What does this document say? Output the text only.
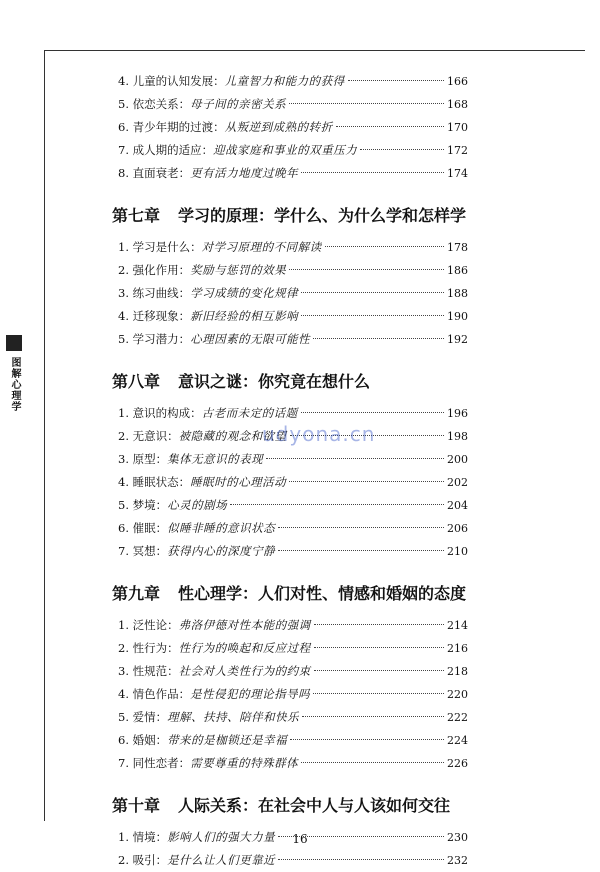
图解心理学
4. 儿童的认知发展： 儿童智力和能力的获得	166
5. 依恋关系： 母子间的亲密关系	168
6. 青少年期的过渡： 从叛逆到成熟的转折	170
7. 成人期的适应： 迎战家庭和事业的双重压力	172
8. 直面衰老： 更有活力地度过晚年	174
第七章 学习的原理：学什么、为什么学和怎样学
1. 学习是什么： 对学习原理的不同解读	178
2. 强化作用： 奖励与惩罚的效果	186
3. 练习曲线： 学习成绩的变化规律	188
4. 迁移现象： 新旧经验的相互影响	190
5. 学习潜力： 心理因素的无限可能性	192
第八章 意识之谜：你究竟在想什么
1. 意识的构成： 古老而未定的话题	196
2. 无意识： 被隐藏的观念和欲望	198
3. 原型： 集体无意识的表现	200
4. 睡眠状态： 睡眠时的心理活动	202
5. 梦境： 心灵的剧场	204
6. 催眠： 似睡非睡的意识状态	206
7. 冥想： 获得内心的深度宁静	210
第九章 性心理学：人们对性、情感和婚姻的态度
1. 泛性论： 弗洛伊德对性本能的强调	214
2. 性行为： 性行为的唤起和反应过程	216
3. 性规范： 社会对人类性行为的约束	218
4. 情色作品： 是性侵犯的理论指导吗	220
5. 爱情： 理解、扶持、陪伴和快乐	222
6. 婚姻： 带来的是枷锁还是幸福	224
7. 同性恋者： 需要尊重的特殊群体	226
第十章 人际关系：在社会中人与人该如何交往
1. 情境： 影响人们的强大力量	230
2. 吸引： 是什么让人们更靠近	232
udyona.cn
16
